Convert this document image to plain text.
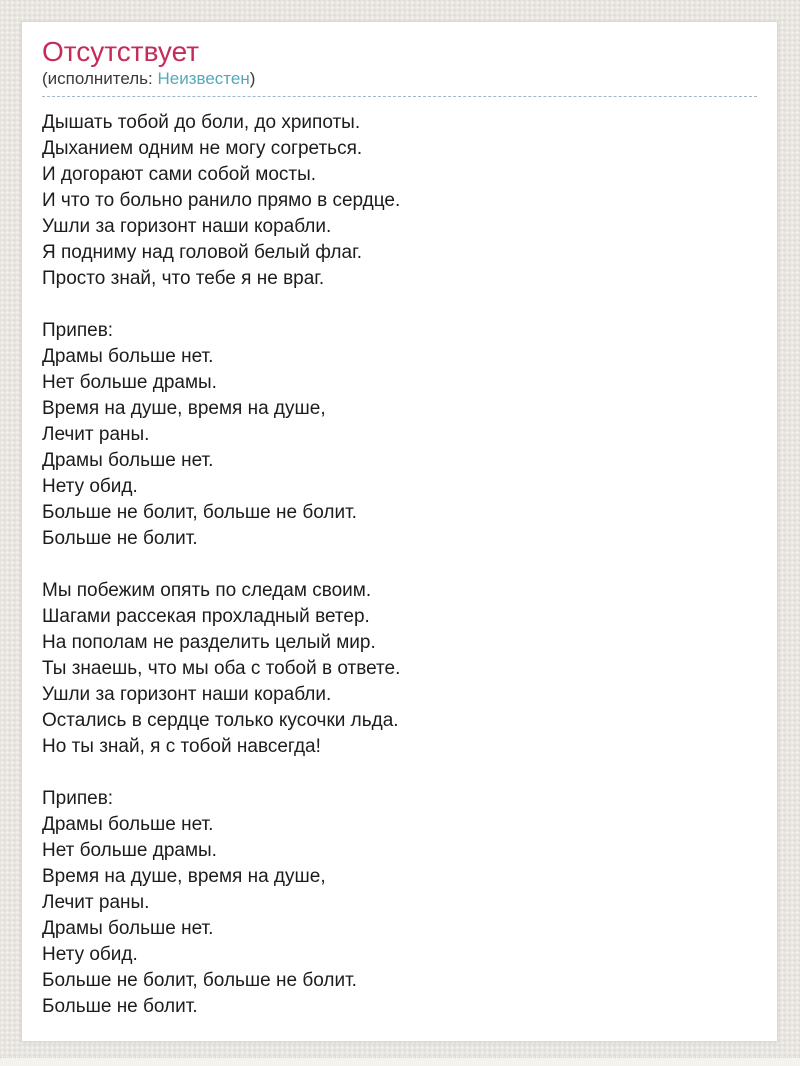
Отсутствует
(исполнитель: Неизвестен)

Дышать тобой до боли, до хрипоты.

Дыханием одним не могу согреться.

И догорают сами собой мосты.

И что то больно ранило прямо в сердце.

Ушли за горизонт наши корабли.

Я подниму над головой белый флаг.

Просто знай, что тебе я не враг.

Припев:

Драмы больше нет.

Нет больше драмы.

Время на душе, время на душе,

Лечит раны.

Драмы больше нет.

Нету обид.

Больше не болит, больше не болит.

Больше не болит.

Мы побежим опять по следам своим.

Шагами рассекая прохладный ветер.

На пополам не разделить целый мир.

Ты знаешь, что мы оба с тобой в ответе.

Ушли за горизонт наши корабли.

Остались в сердце только кусочки льда.

Но ты знай, я с тобой навсегда!

Припев:

Драмы больше нет.

Нет больше драмы.

Время на душе, время на душе,

Лечит раны.

Драмы больше нет.

Нету обид.

Больше не болит, больше не болит.

Больше не болит.
